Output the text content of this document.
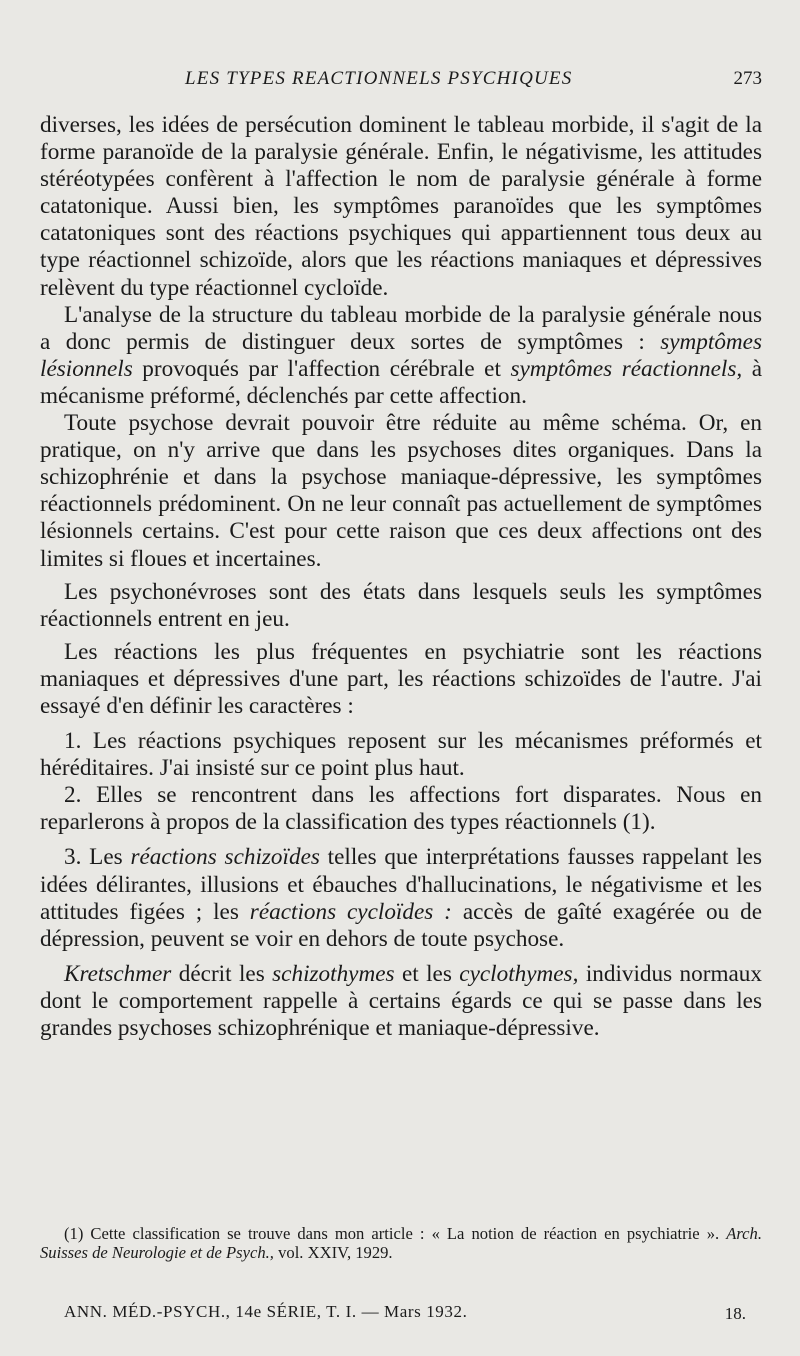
LES TYPES REACTIONNELS PSYCHIQUES	273

diverses, les idées de persécution dominent le tableau morbide, il s'agit de la forme paranoïde de la paralysie générale. Enfin, le négativisme, les attitudes stéréotypées confèrent à l'affection le nom de paralysie générale à forme catatonique. Aussi bien, les symptômes paranoïdes que les symptômes catatoniques sont des réactions psychiques qui appartiennent tous deux au type réactionnel schizoïde, alors que les réactions maniaques et dépressives relèvent du type réactionnel cycloïde.

L'analyse de la structure du tableau morbide de la paralysie générale nous a donc permis de distinguer deux sortes de symptômes : symptômes lésionnels provoqués par l'affection cérébrale et symptômes réactionnels, à mécanisme préformé, déclenchés par cette affection.

Toute psychose devrait pouvoir être réduite au même schéma. Or, en pratique, on n'y arrive que dans les psychoses dites organiques. Dans la schizophrénie et dans la psychose maniaque-dépressive, les symptômes réactionnels prédominent. On ne leur connaît pas actuellement de symptômes lésionnels certains. C'est pour cette raison que ces deux affections ont des limites si floues et incertaines.

Les psychonévroses sont des états dans lesquels seuls les symptômes réactionnels entrent en jeu.

Les réactions les plus fréquentes en psychiatrie sont les réactions maniaques et dépressives d'une part, les réactions schizoïdes de l'autre. J'ai essayé d'en définir les caractères :

1. Les réactions psychiques reposent sur les mécanismes préformés et héréditaires. J'ai insisté sur ce point plus haut.

2. Elles se rencontrent dans les affections fort disparates. Nous en reparlerons à propos de la classification des types réactionnels (1).

3. Les réactions schizoïdes telles que interprétations fausses rappelant les idées délirantes, illusions et ébauches d'hallucinations, le négativisme et les attitudes figées ; les réactions cycloïdes : accès de gaîté exagérée ou de dépression, peuvent se voir en dehors de toute psychose.

Kretschmer décrit les schizothymes et les cyclothymes, individus normaux dont le comportement rappelle à certains égards ce qui se passe dans les grandes psychoses schizophrénique et maniaque-dépressive.

(1) Cette classification se trouve dans mon article : « La notion de réaction en psychiatrie ». Arch. Suisses de Neurologie et de Psych., vol. XXIV, 1929.
ANN. MÉD.-PSYCH., 14e SÉRIE, T. I. — Mars 1932.	18.
